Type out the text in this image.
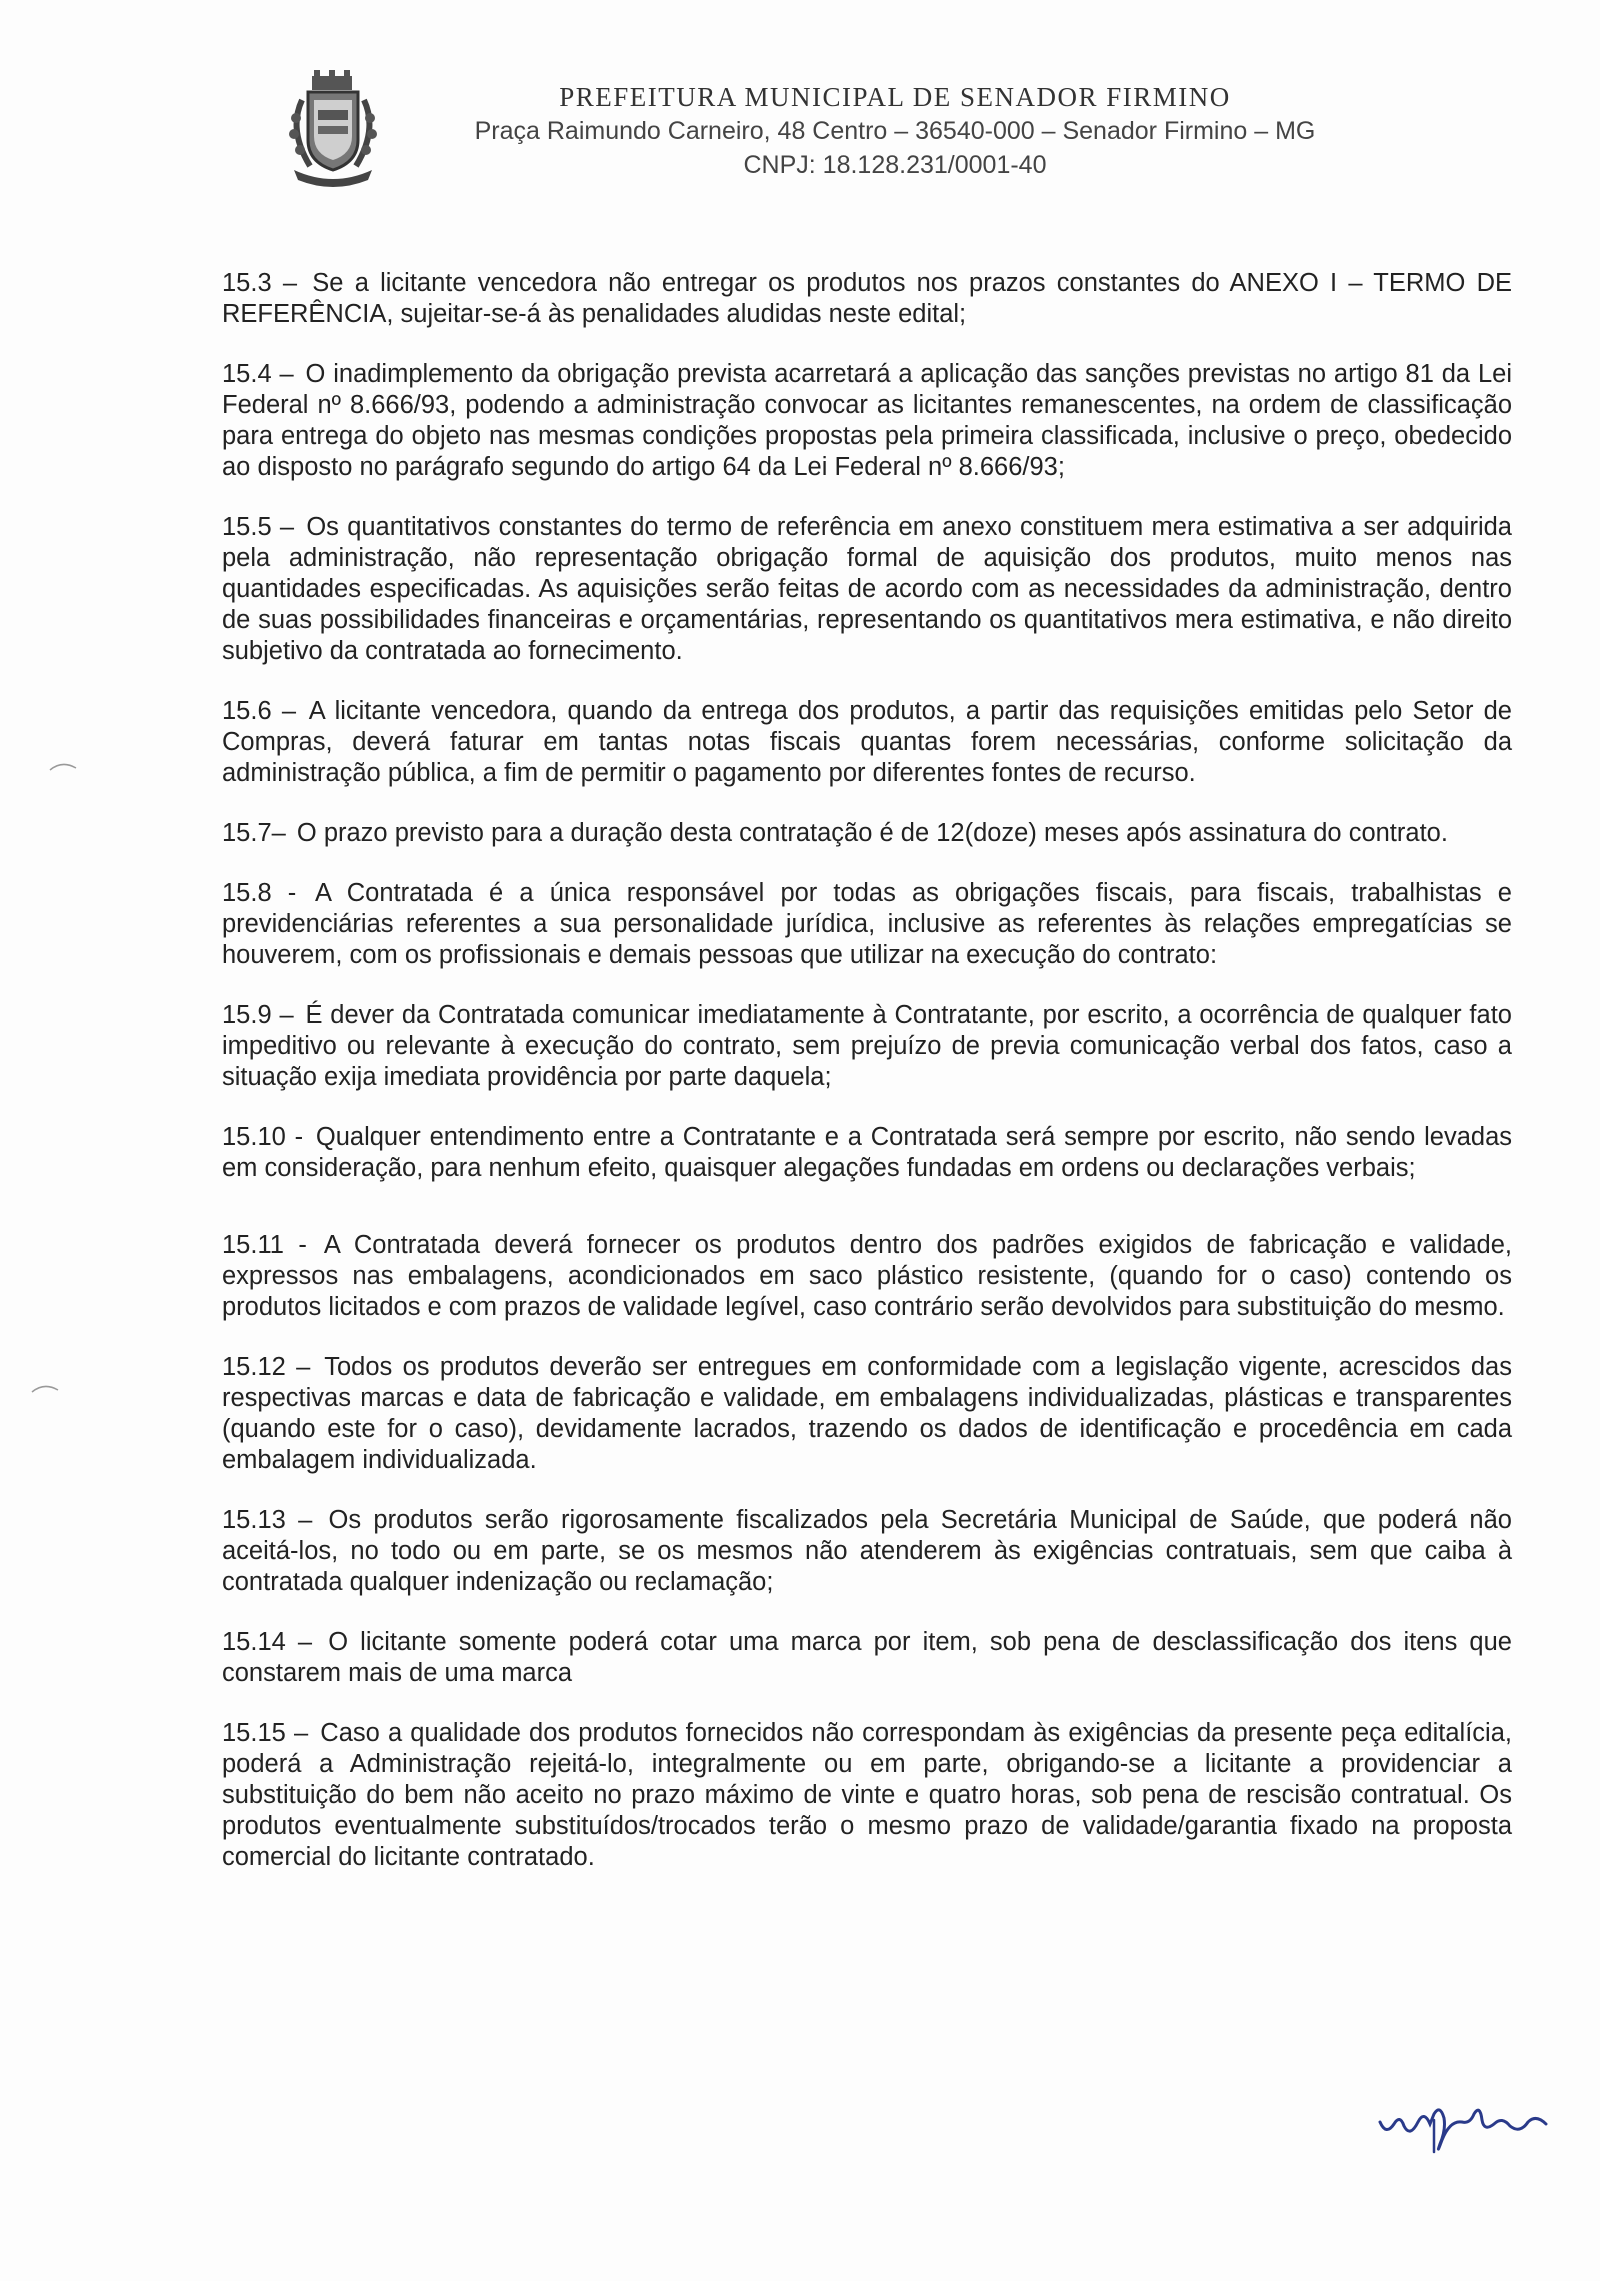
PREFEITURA MUNICIPAL DE SENADOR FIRMINO
Praça Raimundo Carneiro, 48 Centro – 36540-000 – Senador Firmino – MG
CNPJ: 18.128.231/0001-40

15.3 – Se a licitante vencedora não entregar os produtos nos prazos constantes do ANEXO I – TERMO DE REFERÊNCIA, sujeitar-se-á às penalidades aludidas neste edital;

15.4 – O inadimplemento da obrigação prevista acarretará a aplicação das sanções previstas no artigo 81 da Lei Federal nº 8.666/93, podendo a administração convocar as licitantes remanescentes, na ordem de classificação para entrega do objeto nas mesmas condições propostas pela primeira classificada, inclusive o preço, obedecido ao disposto no parágrafo segundo do artigo 64 da Lei Federal nº 8.666/93;

15.5 – Os quantitativos constantes do termo de referência em anexo constituem mera estimativa a ser adquirida pela administração, não representação obrigação formal de aquisição dos produtos, muito menos nas quantidades especificadas. As aquisições serão feitas de acordo com as necessidades da administração, dentro de suas possibilidades financeiras e orçamentárias, representando os quantitativos mera estimativa, e não direito subjetivo da contratada ao fornecimento.

15.6 – A licitante vencedora, quando da entrega dos produtos, a partir das requisições emitidas pelo Setor de Compras, deverá faturar em tantas notas fiscais quantas forem necessárias, conforme solicitação da administração pública, a fim de permitir o pagamento por diferentes fontes de recurso.

15.7– O prazo previsto para a duração desta contratação é de 12(doze) meses após assinatura do contrato.

15.8 - A Contratada é a única responsável por todas as obrigações fiscais, para fiscais, trabalhistas e previdenciárias referentes a sua personalidade jurídica, inclusive as referentes às relações empregatícias se houverem, com os profissionais e demais pessoas que utilizar na execução do contrato:

15.9 – É dever da Contratada comunicar imediatamente à Contratante, por escrito, a ocorrência de qualquer fato impeditivo ou relevante à execução do contrato, sem prejuízo de previa comunicação verbal dos fatos, caso a situação exija imediata providência por parte daquela;

15.10 - Qualquer entendimento entre a Contratante e a Contratada será sempre por escrito, não sendo levadas em consideração, para nenhum efeito, quaisquer alegações fundadas em ordens ou declarações verbais;

15.11 - A Contratada deverá fornecer os produtos dentro dos padrões exigidos de fabricação e validade, expressos nas embalagens, acondicionados em saco plástico resistente, (quando for o caso) contendo os produtos licitados e com prazos de validade legível, caso contrário serão devolvidos para substituição do mesmo.

15.12 – Todos os produtos deverão ser entregues em conformidade com a legislação vigente, acrescidos das respectivas marcas e data de fabricação e validade, em embalagens individualizadas, plásticas e transparentes (quando este for o caso), devidamente lacrados, trazendo os dados de identificação e procedência em cada embalagem individualizada.

15.13 – Os produtos serão rigorosamente fiscalizados pela Secretária Municipal de Saúde, que poderá não aceitá-los, no todo ou em parte, se os mesmos não atenderem às exigências contratuais, sem que caiba à contratada qualquer indenização ou reclamação;

15.14 – O licitante somente poderá cotar uma marca por item, sob pena de desclassificação dos itens que constarem mais de uma marca

15.15 – Caso a qualidade dos produtos fornecidos não correspondam às exigências da presente peça editalícia, poderá a Administração rejeitá-lo, integralmente ou em parte, obrigando-se a licitante a providenciar a substituição do bem não aceito no prazo máximo de vinte e quatro horas, sob pena de rescisão contratual. Os produtos eventualmente substituídos/trocados terão o mesmo prazo de validade/garantia fixado na proposta comercial do licitante contratado.
